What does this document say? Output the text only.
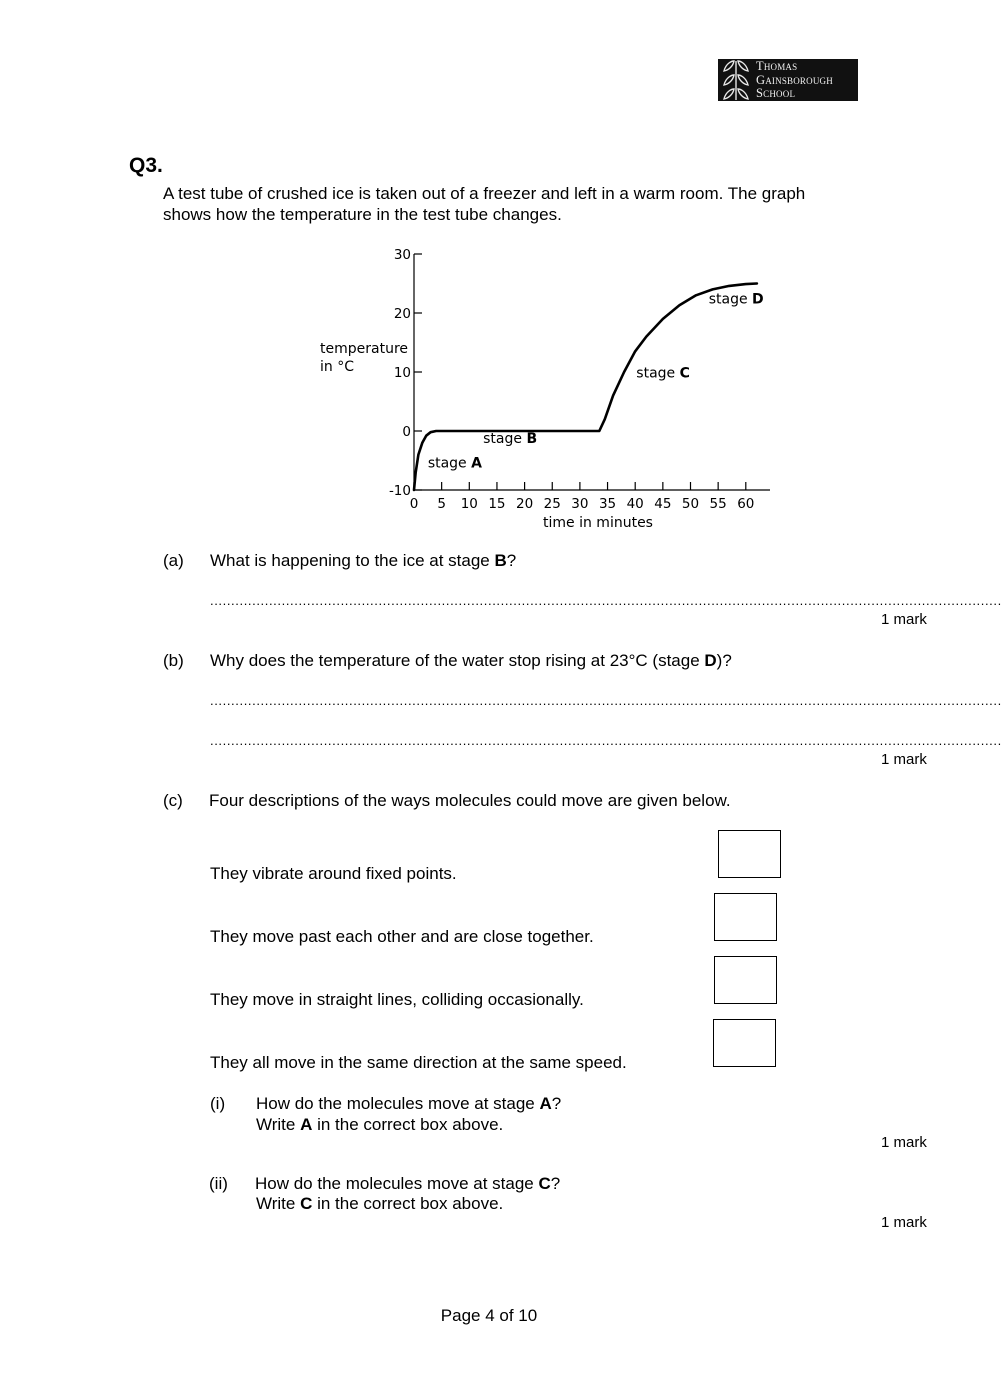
Thomas
Gainsborough
School
Q3.
A test tube of crushed ice is taken out of a freezer and left in a warm room. The graph
shows how the temperature in the test tube changes.
-10
0
10
20
30
0 5 10 15 20 25 30 35 40 45 50 55 60
stage A
stage B
stage C
stage D
temperature
in °C
time in minutes
(a) What is happening to the ice at stage B?
............................................................................................................................................................................................
1 mark
(b) Why does the temperature of the water stop rising at 23°C (stage D)?
............................................................................................................................................................................................
............................................................................................................................................................................................
1 mark
(c) Four descriptions of the ways molecules could move are given below.
They vibrate around fixed points.
They move past each other and are close together.
They move in straight lines, colliding occasionally.
They all move in the same direction at the same speed.
(i) How do the molecules move at stage A?
Write A in the correct box above.
1 mark
(ii) How do the molecules move at stage C?
Write C in the correct box above.
1 mark
Page 4 of 10
